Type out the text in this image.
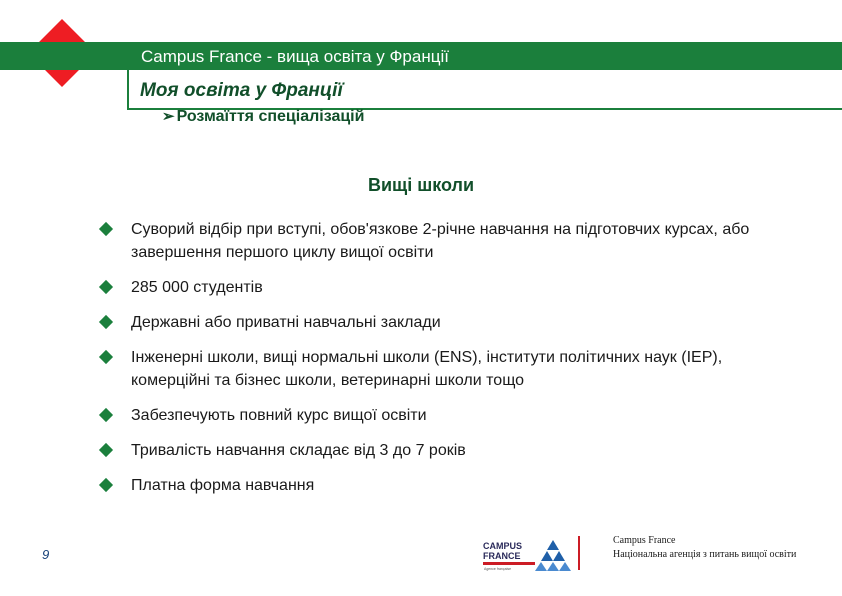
Campus France - вища освіта у Франції
Моя освіта у Франції
➢ Розмаїття спеціалізацій
Вищі школи
Суворий відбір при вступі, обов'язкове 2-річне навчання на підготовчих курсах, або завершення першого циклу вищої освіти
285 000 студентів
Державні або приватні навчальні заклади
Інженерні школи, вищі нормальні школи (ENS), інститути політичних наук (IEP), комерційні та бізнес школи, ветеринарні школи тощо
Забезпечують повний курс вищої освіти
Тривалість навчання складає від 3 до 7 років
Платна форма навчання
9
CAMPUS
FRANCE
Agence française
Campus France
Національна агенція з питань вищої освіти
